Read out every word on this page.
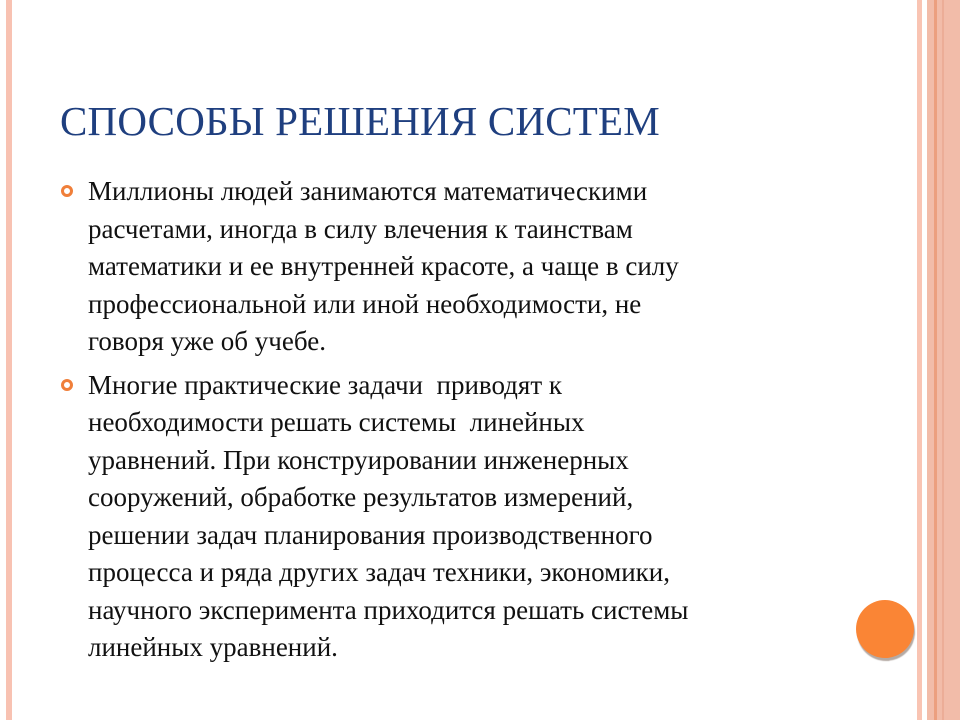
СПОСОБЫ РЕШЕНИЯ СИСТЕМ
Миллионы людей занимаются математическими
расчетами, иногда в силу влечения к таинствам
математики и ее внутренней красоте, а чаще в силу
профессиональной или иной необходимости, не
говоря уже об учебе.
Многие практические задачи  приводят к
необходимости решать системы  линейных
уравнений. При конструировании инженерных
сооружений, обработке результатов измерений,
решении задач планирования производственного
процесса и ряда других задач техники, экономики,
научного эксперимента приходится решать системы
линейных уравнений.
